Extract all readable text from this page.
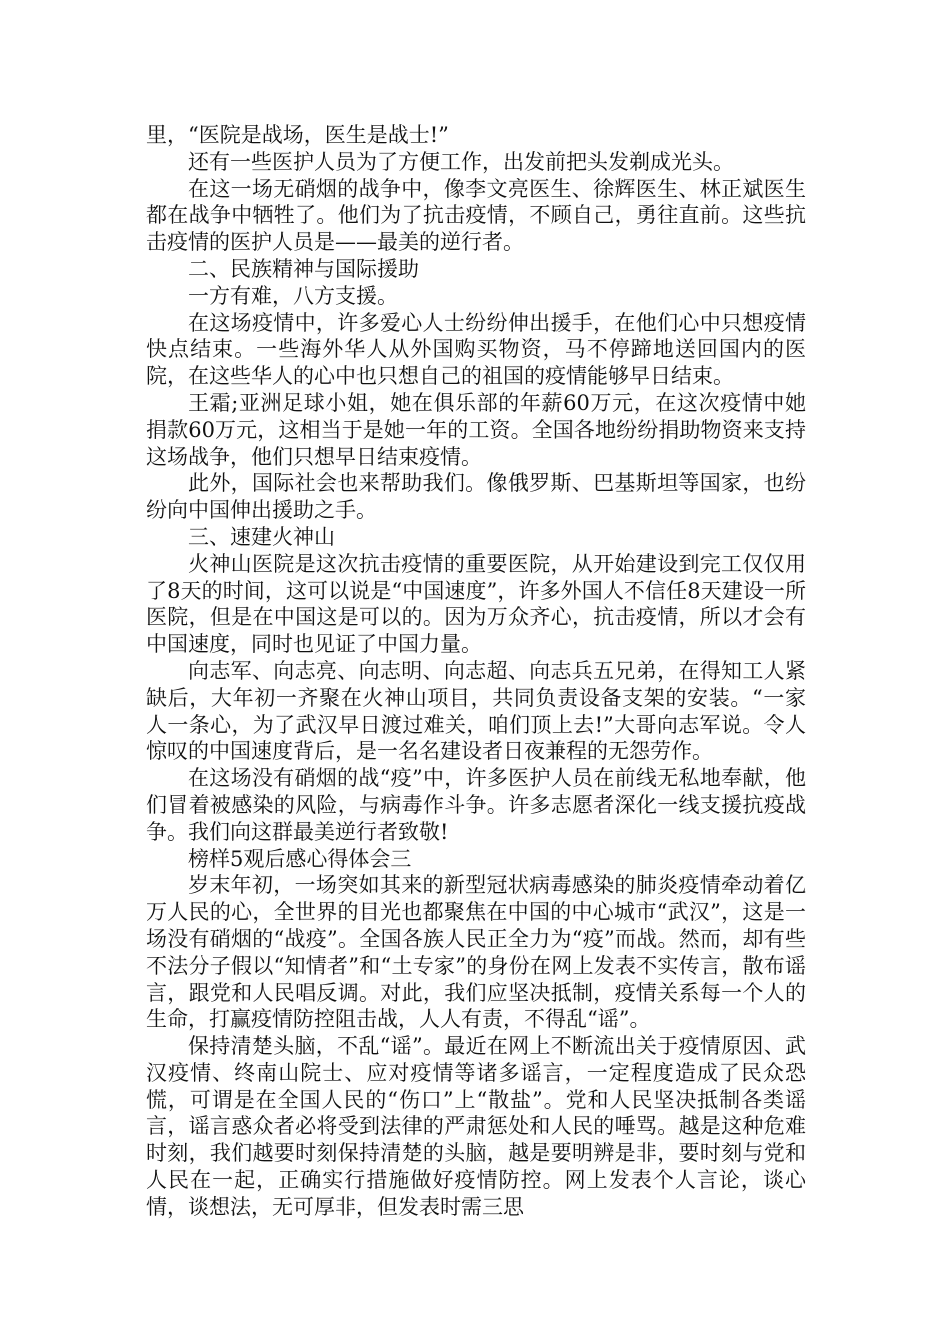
里，“医院是战场，医生是战士!”

还有一些医护人员为了方便工作，出发前把头发剃成光头。

在这一场无硝烟的战争中，像李文亮医生、徐辉医生、林正斌医生都在战争中牺牲了。他们为了抗击疫情，不顾自己，勇往直前。这些抗击疫情的医护人员是——最美的逆行者。

二、民族精神与国际援助

一方有难，八方支援。

在这场疫情中，许多爱心人士纷纷伸出援手，在他们心中只想疫情快点结束。一些海外华人从外国购买物资，马不停蹄地送回国内的医院，在这些华人的心中也只想自己的祖国的疫情能够早日结束。

王霜;亚洲足球小姐，她在俱乐部的年薪60万元，在这次疫情中她捐款60万元，这相当于是她一年的工资。全国各地纷纷捐助物资来支持这场战争，他们只想早日结束疫情。

此外，国际社会也来帮助我们。像俄罗斯、巴基斯坦等国家，也纷纷向中国伸出援助之手。

三、速建火神山

火神山医院是这次抗击疫情的重要医院，从开始建设到完工仅仅用了8天的时间，这可以说是“中国速度”，许多外国人不信任8天建设一所医院，但是在中国这是可以的。因为万众齐心，抗击疫情，所以才会有中国速度，同时也见证了中国力量。

向志军、向志亮、向志明、向志超、向志兵五兄弟，在得知工人紧缺后，大年初一齐聚在火神山项目，共同负责设备支架的安装。“一家人一条心，为了武汉早日渡过难关，咱们顶上去!”大哥向志军说。令人惊叹的中国速度背后，是一名名建设者日夜兼程的无怨劳作。

在这场没有硝烟的战“疫”中，许多医护人员在前线无私地奉献，他们冒着被感染的风险，与病毒作斗争。许多志愿者深化一线支援抗疫战争。我们向这群最美逆行者致敬!

榜样5观后感心得体会三

岁末年初，一场突如其来的新型冠状病毒感染的肺炎疫情牵动着亿万人民的心，全世界的目光也都聚焦在中国的中心城市“武汉”，这是一场没有硝烟的“战疫”。全国各族人民正全力为“疫”而战。然而，却有些不法分子假以“知情者”和“土专家”的身份在网上发表不实传言，散布谣言，跟党和人民唱反调。对此，我们应坚决抵制，疫情关系每一个人的生命，打赢疫情防控阻击战，人人有责，不得乱“谣”。

保持清楚头脑，不乱“谣”。最近在网上不断流出关于疫情原因、武汉疫情、终南山院士、应对疫情等诸多谣言，一定程度造成了民众恐慌，可谓是在全国人民的“伤口”上“散盐”。党和人民坚决抵制各类谣言，谣言惑众者必将受到法律的严肃惩处和人民的唾骂。越是这种危难时刻，我们越要时刻保持清楚的头脑，越是要明辨是非，要时刻与党和人民在一起，正确实行措施做好疫情防控。网上发表个人言论，谈心情，谈想法，无可厚非，但发表时需三思
